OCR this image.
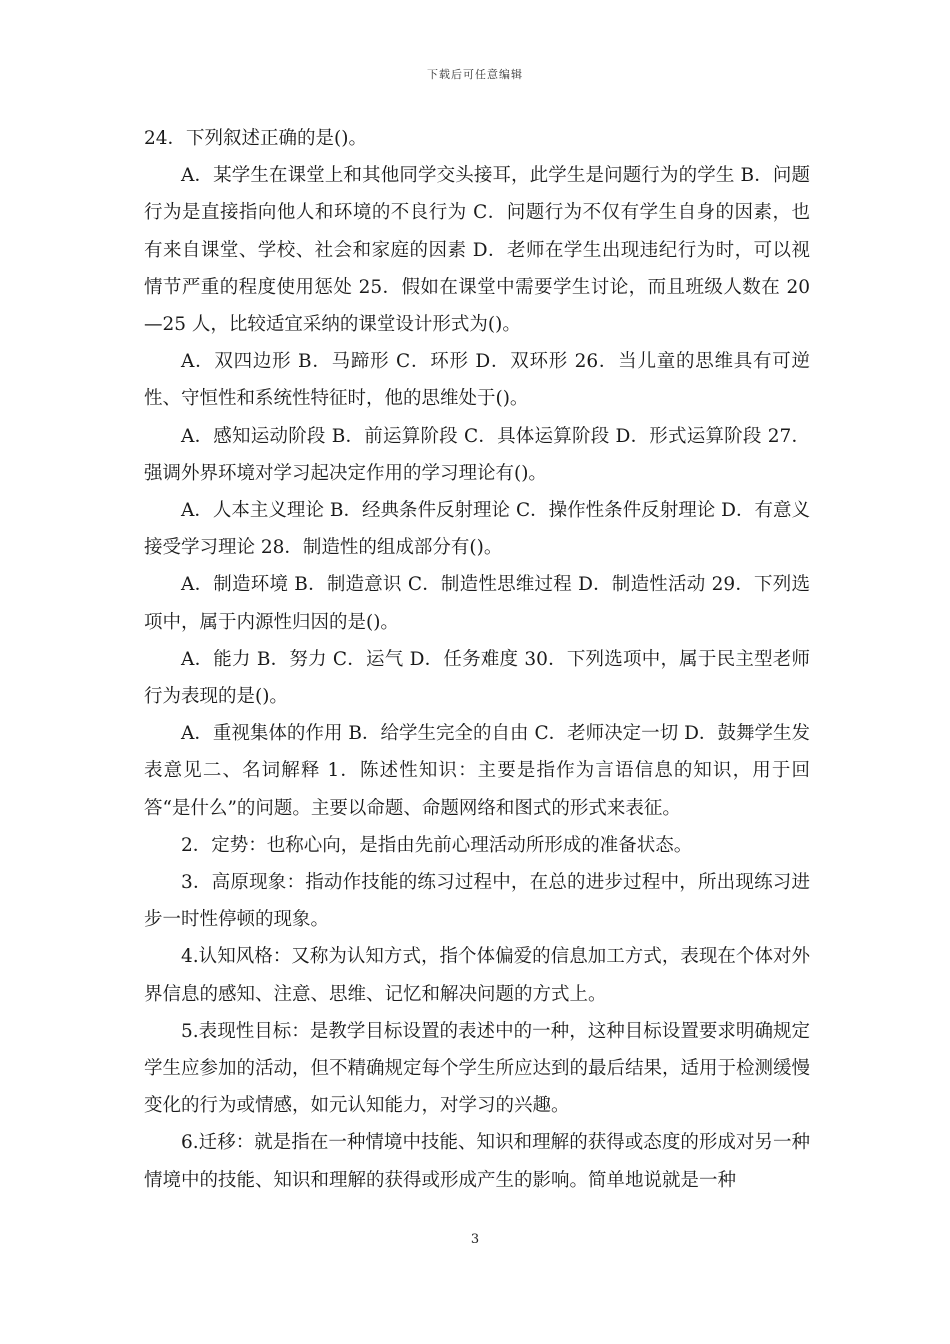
下载后可任意编辑

24．下列叙述正确的是()。

A．某学生在课堂上和其他同学交头接耳，此学生是问题行为的学生 B．问题行为是直接指向他人和环境的不良行为 C．问题行为不仅有学生自身的因素，也有来自课堂、学校、社会和家庭的因素 D．老师在学生出现违纪行为时，可以视情节严重的程度使用惩处 25．假如在课堂中需要学生讨论，而且班级人数在 20—25 人，比较适宜采纳的课堂设计形式为()。

A．双四边形 B．马蹄形 C．环形 D．双环形 26．当儿童的思维具有可逆性、守恒性和系统性特征时，他的思维处于()。

A．感知运动阶段 B．前运算阶段 C．具体运算阶段 D．形式运算阶段 27．强调外界环境对学习起决定作用的学习理论有()。

A．人本主义理论 B．经典条件反射理论 C．操作性条件反射理论 D．有意义接受学习理论 28．制造性的组成部分有()。

A．制造环境 B．制造意识 C．制造性思维过程 D．制造性活动 29．下列选项中，属于内源性归因的是()。

A．能力 B．努力 C．运气 D．任务难度 30．下列选项中，属于民主型老师行为表现的是()。

A．重视集体的作用 B．给学生完全的自由 C．老师决定一切 D．鼓舞学生发表意见二、名词解释 1．陈述性知识：主要是指作为言语信息的知识，用于回答“是什么”的问题。主要以命题、命题网络和图式的形式来表征。

2．定势：也称心向，是指由先前心理活动所形成的准备状态。

3．高原现象：指动作技能的练习过程中，在总的进步过程中，所出现练习进步一时性停顿的现象。

4.认知风格：又称为认知方式，指个体偏爱的信息加工方式，表现在个体对外界信息的感知、注意、思维、记忆和解决问题的方式上。

5.表现性目标：是教学目标设置的表述中的一种，这种目标设置要求明确规定学生应参加的活动，但不精确规定每个学生所应达到的最后结果，适用于检测缓慢变化的行为或情感，如元认知能力，对学习的兴趣。

6.迁移：就是指在一种情境中技能、知识和理解的获得或态度的形成对另一种情境中的技能、知识和理解的获得或形成产生的影响。简单地说就是一种

3
